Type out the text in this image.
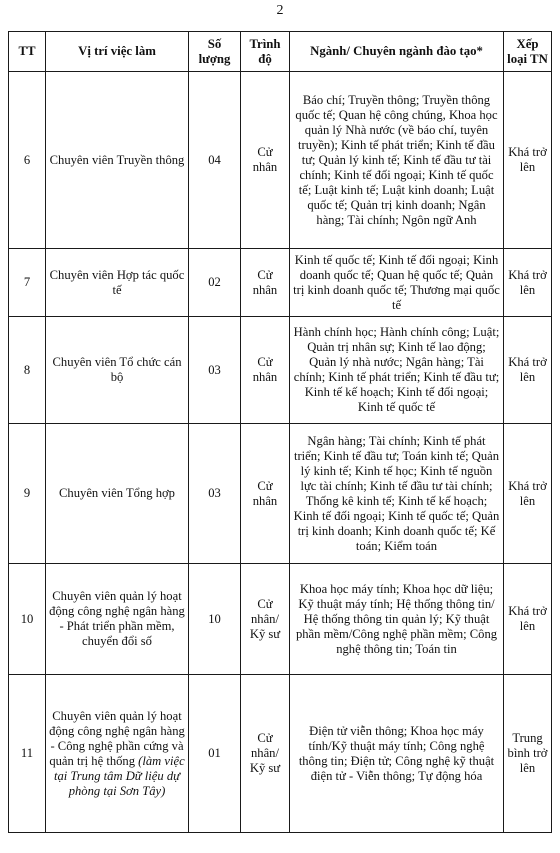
2
TT	Vị trí việc làm	Số lượng	Trình độ	Ngành/ Chuyên ngành đào tạo*	Xếp loại TN
6	Chuyên viên Truyền thông	04	Cử nhân	Báo chí; Truyền thông; Truyền thông quốc tế; Quan hệ công chúng, Khoa học quản lý Nhà nước (về báo chí, tuyên truyền); Kinh tế phát triển; Kinh tế đầu tư; Quản lý kinh tế; Kinh tế đầu tư tài chính; Kinh tế đối ngoại; Kinh tế quốc tế; Luật kinh tế; Luật kinh doanh; Luật quốc tế; Quản trị kinh doanh; Ngân hàng; Tài chính; Ngôn ngữ Anh	Khá trở lên
7	Chuyên viên Hợp tác quốc tế	02	Cử nhân	Kinh tế quốc tế; Kinh tế đối ngoại; Kinh doanh quốc tế; Quan hệ quốc tế; Quản trị kinh doanh quốc tế; Thương mại quốc tế	Khá trở lên
8	Chuyên viên Tổ chức cán bộ	03	Cử nhân	Hành chính học; Hành chính công; Luật; Quản trị nhân sự; Kinh tế lao động; Quản lý nhà nước; Ngân hàng; Tài chính; Kinh tế phát triển; Kinh tế đầu tư; Kinh tế kế hoạch; Kinh tế đối ngoại; Kinh tế quốc tế	Khá trở lên
9	Chuyên viên Tổng hợp	03	Cử nhân	Ngân hàng; Tài chính; Kinh tế phát triển; Kinh tế đầu tư; Toán kinh tế; Quản lý kinh tế; Kinh tế học; Kinh tế nguồn lực tài chính; Kinh tế đầu tư tài chính; Thống kê kinh tế; Kinh tế kế hoạch; Kinh tế đối ngoại; Kinh tế quốc tế; Quản trị kinh doanh; Kinh doanh quốc tế; Kế toán; Kiểm toán	Khá trở lên
10	Chuyên viên quản lý hoạt động công nghệ ngân hàng - Phát triển phần mềm, chuyển đổi số	10	Cử nhân/ Kỹ sư	Khoa học máy tính; Khoa học dữ liệu; Kỹ thuật máy tính; Hệ thống thông tin/ Hệ thống thông tin quản lý; Kỹ thuật phần mềm/Công nghệ phần mềm; Công nghệ thông tin; Toán tin	Khá trở lên
11	Chuyên viên quản lý hoạt động công nghệ ngân hàng - Công nghệ phần cứng và quản trị hệ thống (làm việc tại Trung tâm Dữ liệu dự phòng tại Sơn Tây)	01	Cử nhân/ Kỹ sư	Điện tử viễn thông; Khoa học máy tính/Kỹ thuật máy tính; Công nghệ thông tin; Điện tử; Công nghệ kỹ thuật điện tử - Viễn thông; Tự động hóa	Trung bình trở lên
